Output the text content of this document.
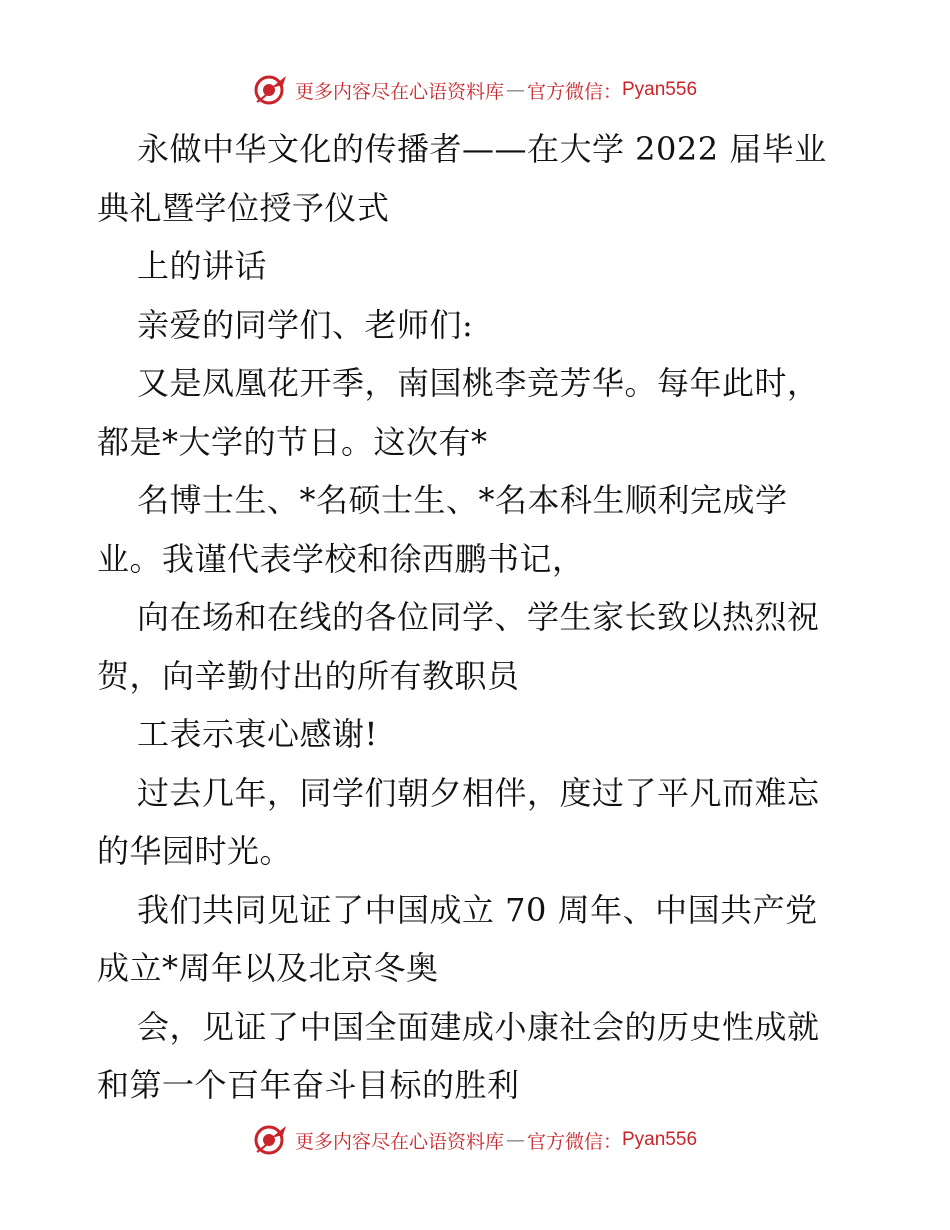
更多内容尽在心语资料库 — 官方微信： Pyan556
永做中华文化的传播者——在大学 2022 届毕业
典礼暨学位授予仪式
上的讲话
亲爱的同学们、老师们:
又是凤凰花开季，南国桃李竞芳华。每年此时，
都是*大学的节日。这次有*
名博士生、*名硕士生、*名本科生顺利完成学
业。我谨代表学校和徐西鹏书记，
向在场和在线的各位同学、学生家长致以热烈祝
贺，向辛勤付出的所有教职员
工表示衷心感谢!
过去几年，同学们朝夕相伴，度过了平凡而难忘
的华园时光。
我们共同见证了中国成立 70 周年、中国共产党
成立*周年以及北京冬奥
会，见证了中国全面建成小康社会的历史性成就
和第一个百年奋斗目标的胜利
更多内容尽在心语资料库 — 官方微信： Pyan556
